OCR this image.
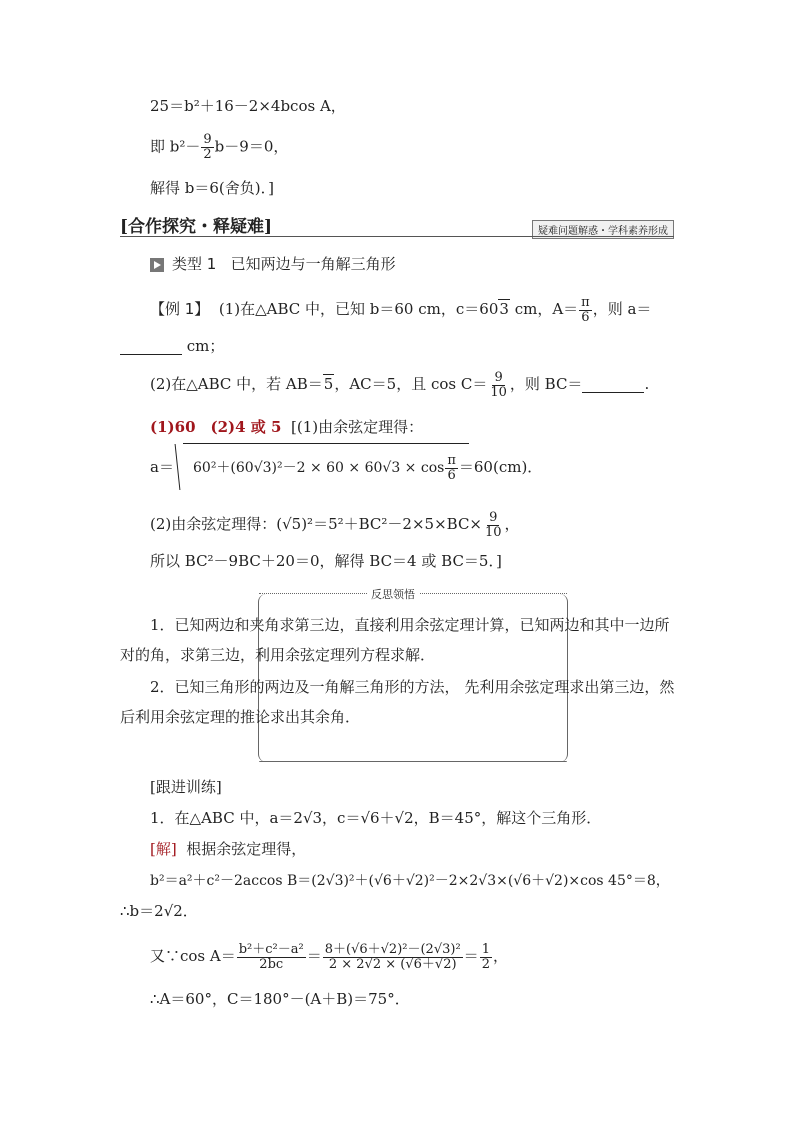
25＝b²＋16－2×4bcos A，
即 $b^2- \frac{9}{2} b-9=0$，
解得 b＝6(舍负)．]
[合作探究・释疑难]	疑难问题解惑・学科素养形成
类型 1 已知两边与一角解三角形
【例 1】 (1)在△ABC 中，已知 b＝60 cm，c＝603 cm，$A= \frac{\pi}{6}$ ，则 a＝
cm；
(2)在△ABC 中，若 AB＝5，AC＝5，且 $\cos C= \frac{9}{10}$ ，则 BC＝	.
(1)60　(2)4 或 5 [(1)由余弦定理得：
$a= 60^2+(60√3)^2-2 \times 60 \times 60√3 \times \cos \frac{\pi}{6} =60(cm)$．
(2)由余弦定理得：$(√5)^2=5^2+BC^2-2\times 5\times BC\times \frac{9}{10}$ ，
所以 BC²－9BC＋20＝0，解得 BC＝4 或 BC＝5．]
反思领悟
1．已知两边和夹角求第三边，直接利用余弦定理计算，已知两边和其中一边所对的角，求第三边，利用余弦定理列方程求解．
2．已知三角形的两边及一角解三角形的方法， 先利用余弦定理求出第三边，然后利用余弦定理的推论求出其余角．
[跟进训练]
1．在△ABC 中，a＝2√3，c＝√6＋√2，B＝45°，解这个三角形．
[解] 根据余弦定理得，
b²＝a²＋c²－2accos B＝(2√3)²＋(√6＋√2)²－2×2√3×(√6＋√2)×cos 45°＝8，
∴b＝2√2．
又∵cos $A= \frac{\text{b²＋c²－a²}}{2bc} = \frac{\text{8＋(√6＋√2)²－(2√3)²}}{2 \times 2√2 \times (√6+√2)} = \frac{1}{2}$ ，
∴A＝60°，C＝180°－(A＋B)＝75°．
